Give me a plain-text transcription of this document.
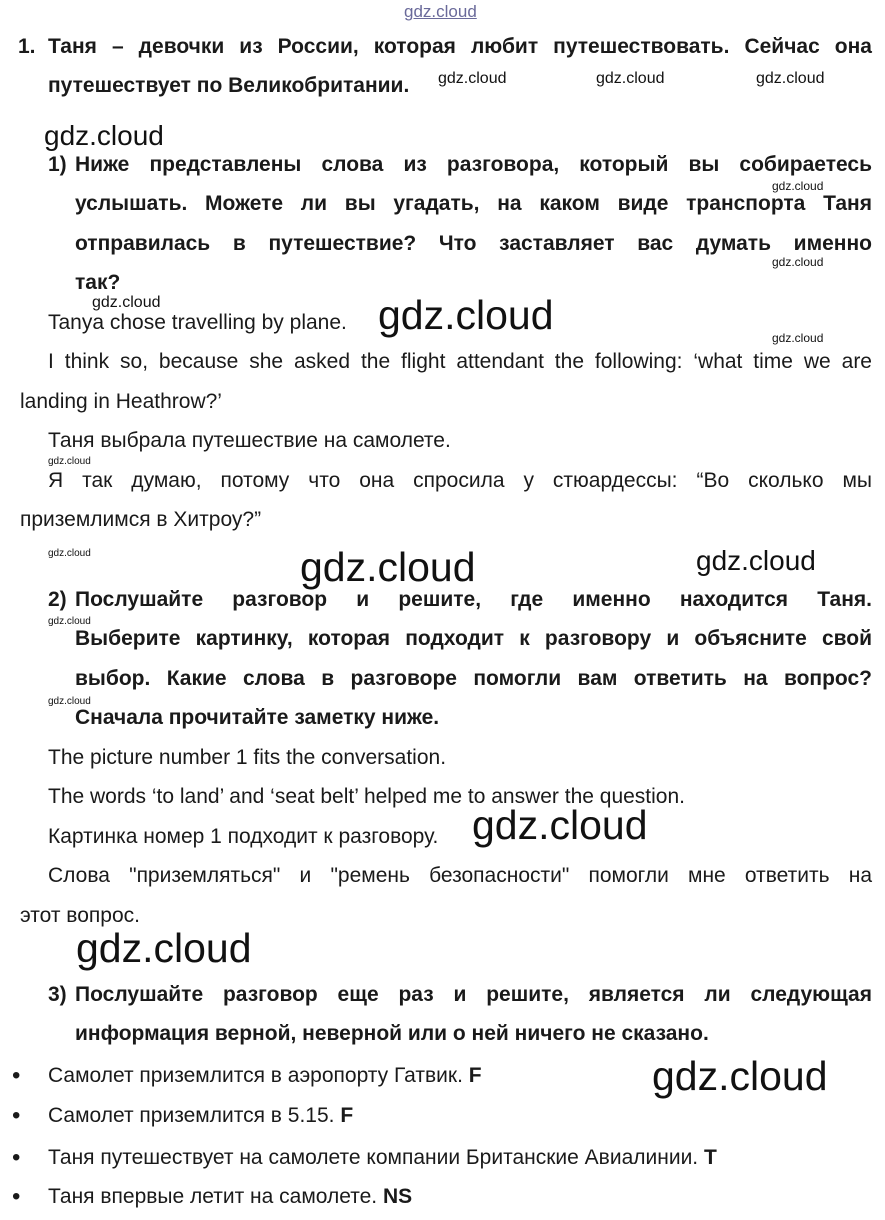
gdz.cloud
1. Таня – девочки из России, которая любит путешествовать. Сейчас она
путешествует по Великобритании.
1) Ниже представлены слова из разговора, который вы собираетесь
услышать. Можете ли вы угадать, на каком виде транспорта Таня
отправилась в путешествие? Что заставляет вас думать именно
так?
Tanya chose travelling by plane.
I think so, because she asked the flight attendant the following: ‘what time we are
landing in Heathrow?’
Таня выбрала путешествие на самолете.
Я так думаю, потому что она спросила у стюардессы: “Во сколько мы
приземлимся в Хитроу?”
2) Послушайте разговор и решите, где именно находится Таня.
Выберите картинку, которая подходит к разговору и объясните свой
выбор. Какие слова в разговоре помогли вам ответить на вопрос?
Сначала прочитайте заметку ниже.
The picture number 1 fits the conversation.
The words ‘to land’ and ‘seat belt’ helped me to answer the question.
Картинка номер 1 подходит к разговору.
Слова "приземляться" и "ремень безопасности" помогли мне ответить на
этот вопрос.
3) Послушайте разговор еще раз и решите, является ли следующая
информация верной, неверной или о ней ничего не сказано.
• Самолет приземлится в аэропорту Гатвик. F
• Самолет приземлится в 5.15. F
• Таня путешествует на самолете компании Британские Авиалинии. T
• Таня впервые летит на самолете. NS
gdz.cloud	gdz.cloud	gdz.cloud
gdz.cloud
gdz.cloud
gdz.cloud
gdz.cloud	gdz.cloud	gdz.cloud
gdz.cloud
gdz.cloud	gdz.cloud	gdz.cloud
gdz.cloud
gdz.cloud
gdz.cloud
gdz.cloud
gdz.cloud
